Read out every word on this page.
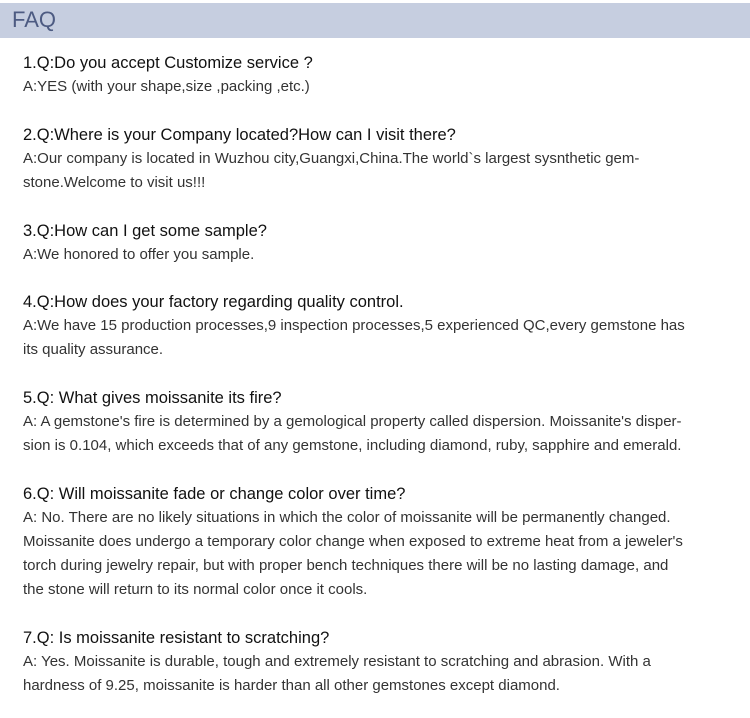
FAQ
1.Q:Do you accept Customize service ?
A:YES (with your shape,size ,packing ,etc.)
2.Q:Where is your Company located?How can I visit there?
A:Our company is located in Wuzhou city,Guangxi,China.The world`s largest sysnthetic gem-
stone.Welcome to visit us!!!
3.Q:How can I get some sample?
A:We honored to offer you sample.
4.Q:How does your factory regarding quality control.
A:We have 15 production processes,9 inspection processes,5 experienced QC,every gemstone has
its quality assurance.
5.Q: What gives moissanite its fire?
A: A gemstone's fire is determined by a gemological property called dispersion. Moissanite's disper-
sion is 0.104, which exceeds that of any gemstone, including diamond, ruby, sapphire and emerald.
6.Q: Will moissanite fade or change color over time?
A: No. There are no likely situations in which the color of moissanite will be permanently changed.
Moissanite does undergo a temporary color change when exposed to extreme heat from a jeweler's
torch during jewelry repair, but with proper bench techniques there will be no lasting damage, and
the stone will return to its normal color once it cools.
7.Q: Is moissanite resistant to scratching?
A: Yes. Moissanite is durable, tough and extremely resistant to scratching and abrasion. With a
hardness of 9.25, moissanite is harder than all other gemstones except diamond.
